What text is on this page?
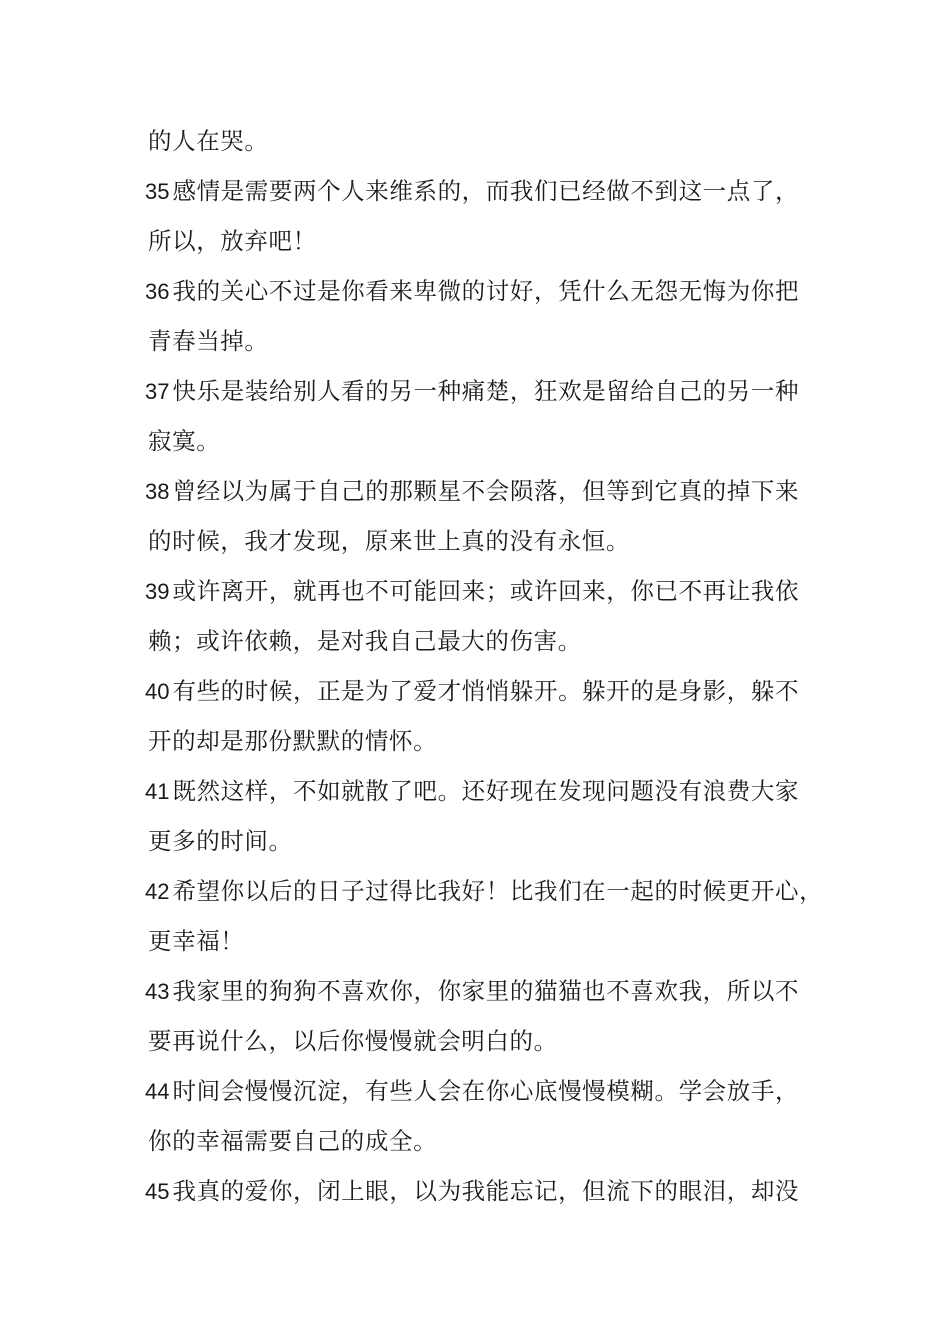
的人在哭。
35 感情是需要两个人来维系的，而我们已经做不到这一点了，
所以，放弃吧！
36 我的关心不过是你看来卑微的讨好，凭什么无怨无悔为你把
青春当掉。
37 快乐是装给别人看的另一种痛楚，狂欢是留给自己的另一种
寂寞。
38 曾经以为属于自己的那颗星不会陨落，但等到它真的掉下来
的时候，我才发现，原来世上真的没有永恒。
39 或许离开，就再也不可能回来；或许回来，你已不再让我依
赖；或许依赖，是对我自己最大的伤害。
40 有些的时候，正是为了爱才悄悄躲开。躲开的是身影，躲不
开的却是那份默默的情怀。
41 既然这样，不如就散了吧。还好现在发现问题没有浪费大家
更多的时间。
42 希望你以后的日子过得比我好！比我们在一起的时候更开心，
更幸福！
43 我家里的狗狗不喜欢你，你家里的猫猫也不喜欢我，所以不
要再说什么，以后你慢慢就会明白的。
44 时间会慢慢沉淀，有些人会在你心底慢慢模糊。学会放手，
你的幸福需要自己的成全。
45 我真的爱你，闭上眼，以为我能忘记，但流下的眼泪，却没
